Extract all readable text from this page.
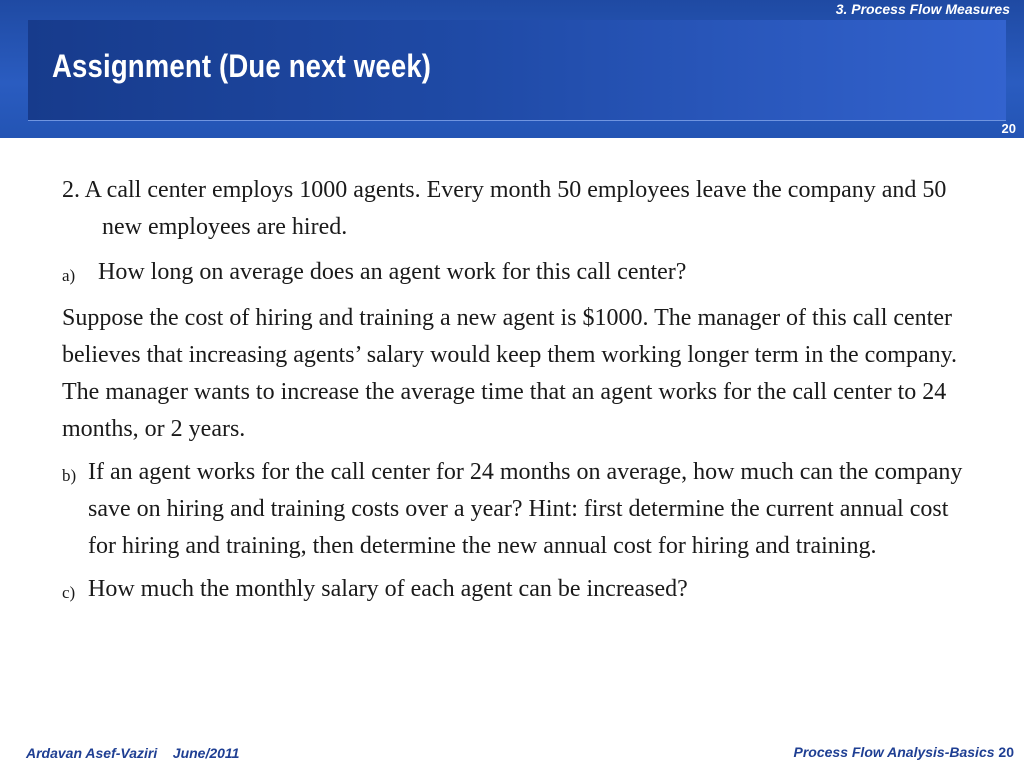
Assignment (Due next week)
3. Process Flow Measures
20

2. A call center employs 1000 agents. Every month 50 employees leave the company and 50 new employees are hired.

a) How long on average does an agent work for this call center?

Suppose the cost of hiring and training a new agent is $1000. The manager of this call center believes that increasing agents’ salary would keep them working longer term in the company. The manager wants to increase the average time that an agent works for the call center to 24 months, or 2 years.

b) If an agent works for the call center for 24 months on average, how much can the company save on hiring and training costs over a year? Hint: first determine the current annual cost for hiring and training, then determine the new annual cost for hiring and training.
c) How much the monthly salary of each agent can be increased?
Ardavan Asef-Vaziri June/2011	Process Flow Analysis-Basics 20
